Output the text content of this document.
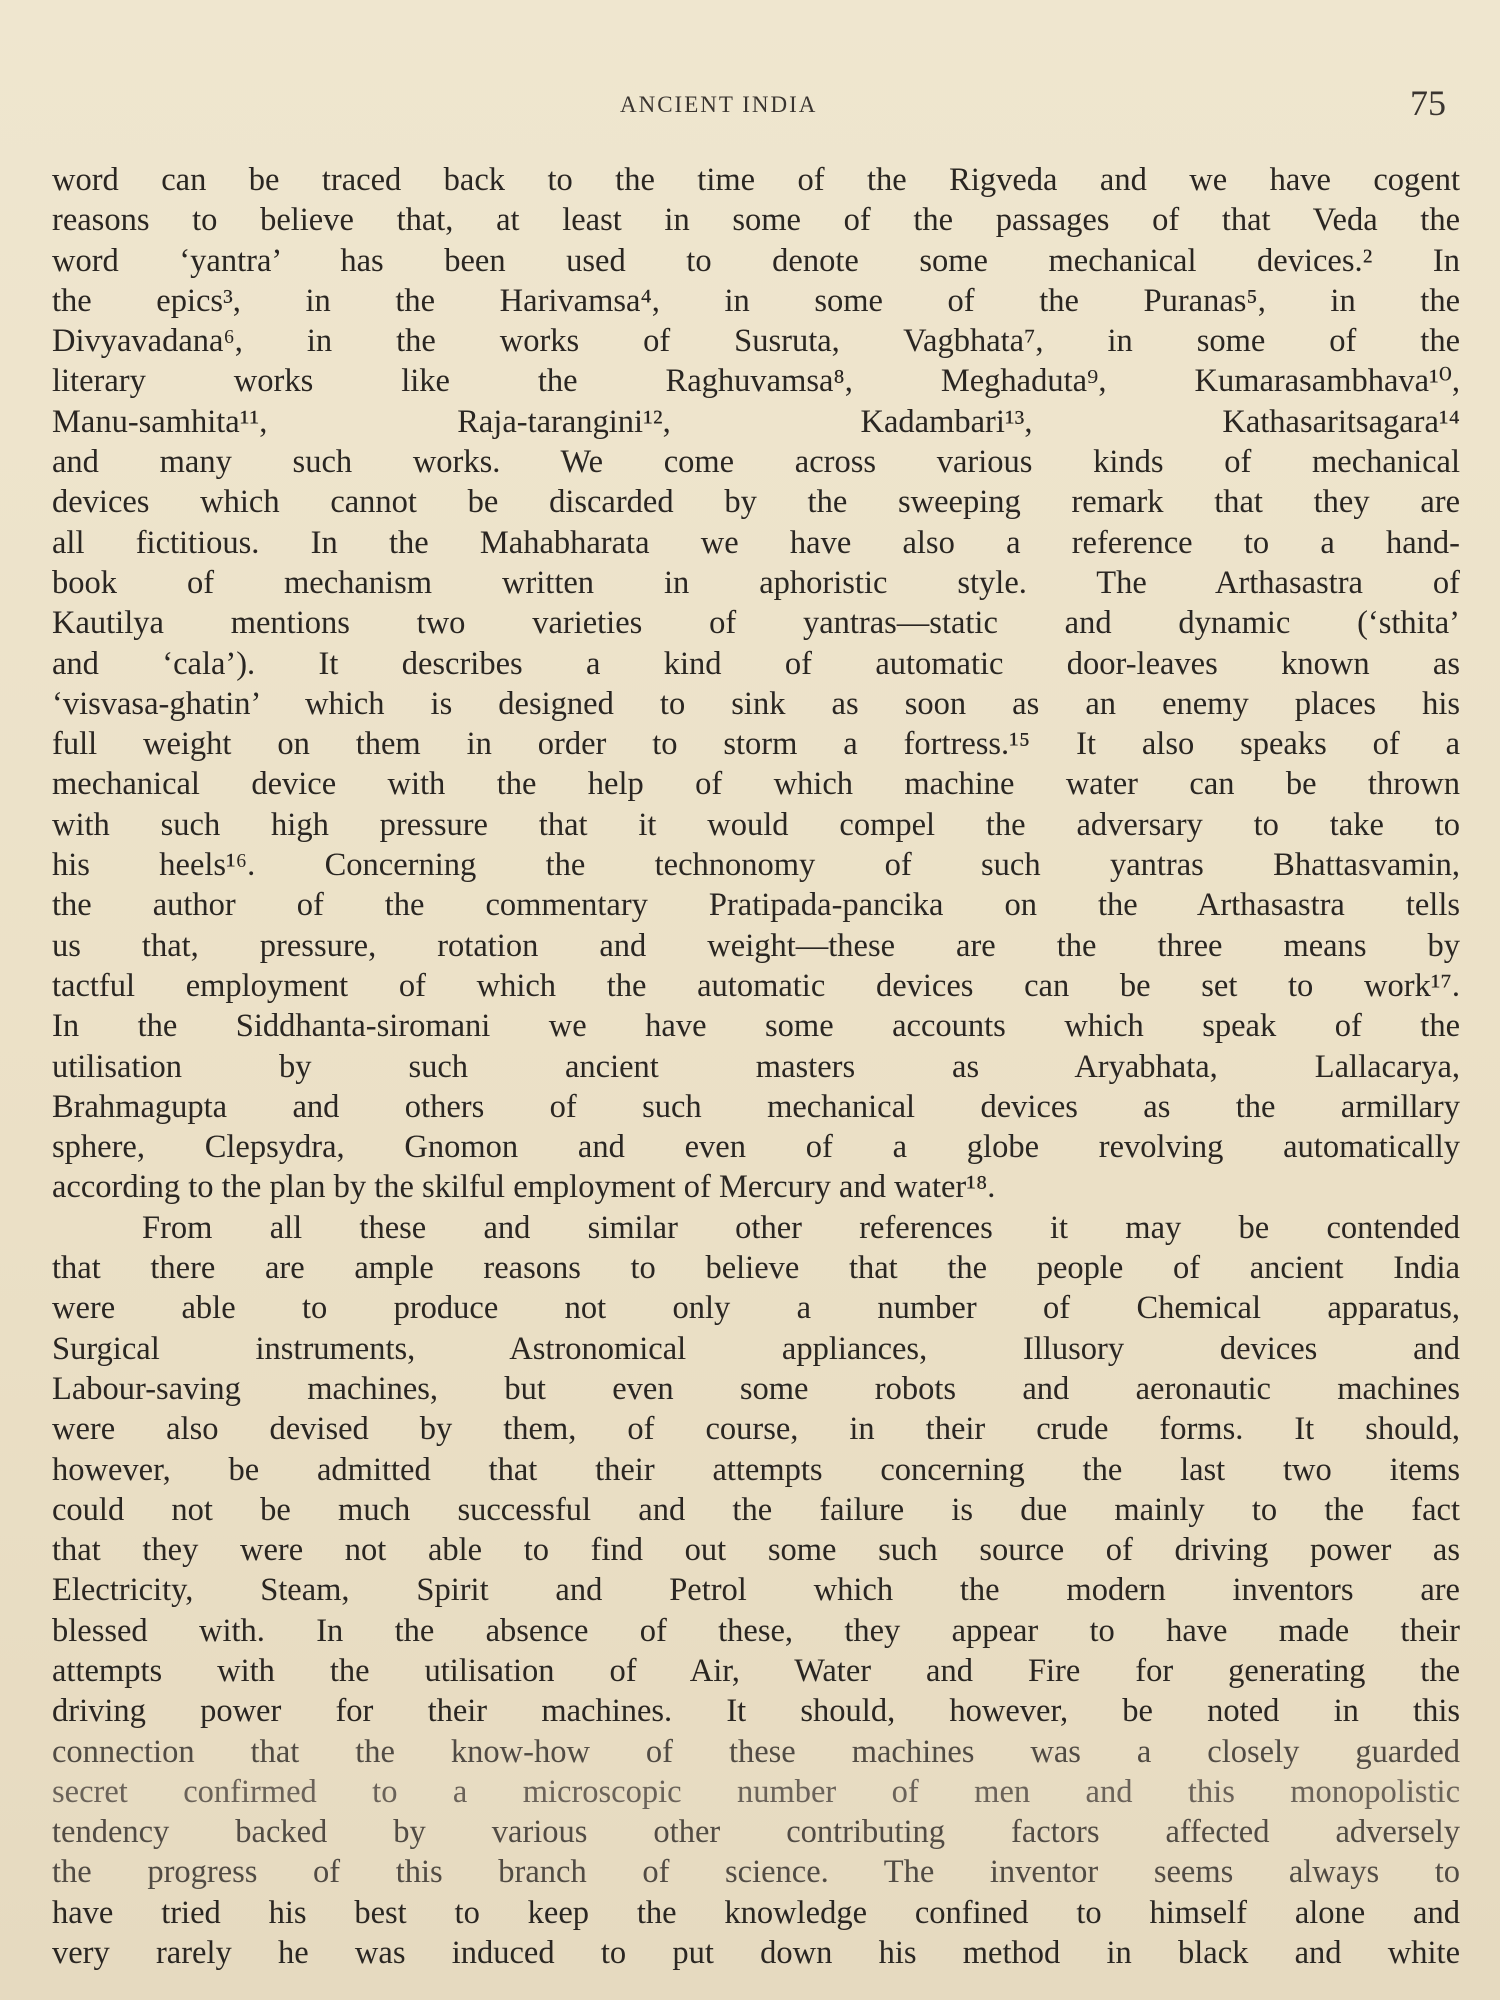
ANCIENT INDIA	75
word can be traced back to the time of the Rigveda and we have cogent
reasons to believe that, at least in some of the passages of that Veda the
word ‘yantra’ has been used to denote some mechanical devices.² In
the epics³, in the Harivamsa⁴, in some of the Puranas⁵, in the
Divyavadana⁶, in the works of Susruta, Vagbhata⁷, in some of the
literary works like the Raghuvamsa⁸, Meghaduta⁹, Kumarasambhava¹⁰,
Manu-samhita¹¹, Raja-tarangini¹², Kadambari¹³, Kathasaritsagara¹⁴
and many such works. We come across various kinds of mechanical
devices which cannot be discarded by the sweeping remark that they are
all fictitious. In the Mahabharata we have also a reference to a hand-
book of mechanism written in aphoristic style. The Arthasastra of
Kautilya mentions two varieties of yantras—static and dynamic (‘sthita’
and ‘cala’). It describes a kind of automatic door-leaves known as
‘visvasa-ghatin’ which is designed to sink as soon as an enemy places his
full weight on them in order to storm a fortress.¹⁵ It also speaks of a
mechanical device with the help of which machine water can be thrown
with such high pressure that it would compel the adversary to take to
his heels¹⁶. Concerning the technonomy of such yantras Bhattasvamin,
the author of the commentary Pratipada-pancika on the Arthasastra tells
us that, pressure, rotation and weight—these are the three means by
tactful employment of which the automatic devices can be set to work¹⁷.
In the Siddhanta-siromani we have some accounts which speak of the
utilisation by such ancient masters as Aryabhata, Lallacarya,
Brahmagupta and others of such mechanical devices as the armillary
sphere, Clepsydra, Gnomon and even of a globe revolving automatically
according to the plan by the skilful employment of Mercury and water¹⁸.
From all these and similar other references it may be contended
that there are ample reasons to believe that the people of ancient India
were able to produce not only a number of Chemical apparatus,
Surgical instruments, Astronomical appliances, Illusory devices and
Labour-saving machines, but even some robots and aeronautic machines
were also devised by them, of course, in their crude forms. It should,
however, be admitted that their attempts concerning the last two items
could not be much successful and the failure is due mainly to the fact
that they were not able to find out some such source of driving power as
Electricity, Steam, Spirit and Petrol which the modern inventors are
blessed with. In the absence of these, they appear to have made their
attempts with the utilisation of Air, Water and Fire for generating the
driving power for their machines. It should, however, be noted in this
connection that the know-how of these machines was a closely guarded
secret confirmed to a microscopic number of men and this monopolistic
tendency backed by various other contributing factors affected adversely
the progress of this branch of science. The inventor seems always to
have tried his best to keep the knowledge confined to himself alone and
very rarely he was induced to put down his method in black and white
